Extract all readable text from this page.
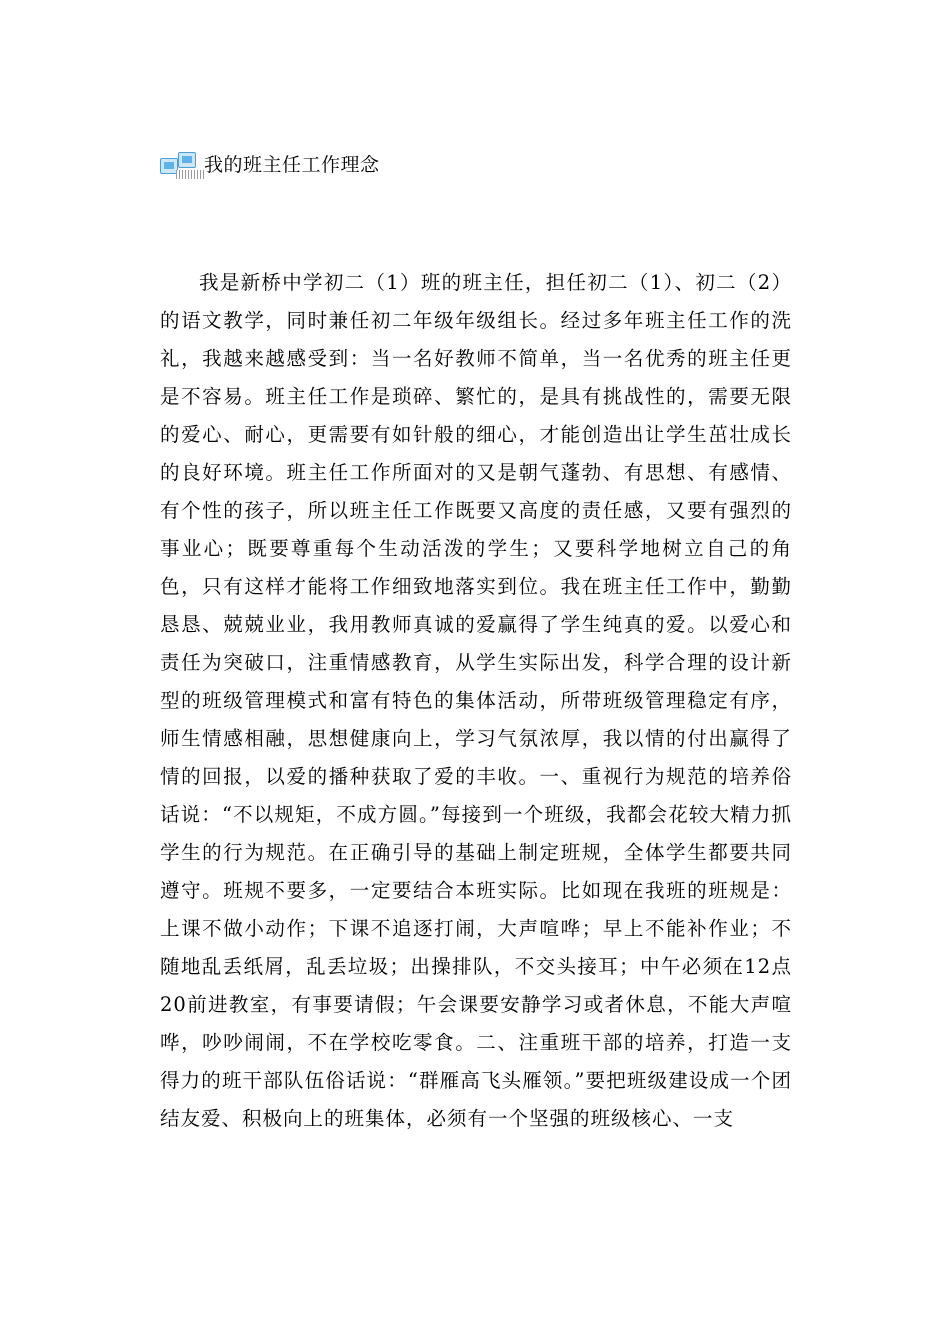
我的班主任工作理念

我是新桥中学初二（1）班的班主任，担任初二（1）、初二（2）的语文教学，同时兼任初二年级年级组长。经过多年班主任工作的洗礼，我越来越感受到：当一名好教师不简单，当一名优秀的班主任更是不容易。班主任工作是琐碎、繁忙的，是具有挑战性的，需要无限的爱心、耐心，更需要有如针般的细心，才能创造出让学生茁壮成长的良好环境。班主任工作所面对的又是朝气蓬勃、有思想、有感情、有个性的孩子，所以班主任工作既要又高度的责任感，又要有强烈的事业心；既要尊重每个生动活泼的学生；又要科学地树立自己的角色，只有这样才能将工作细致地落实到位。我在班主任工作中，勤勤恳恳、兢兢业业，我用教师真诚的爱赢得了学生纯真的爱。以爱心和责任为突破口，注重情感教育，从学生实际出发，科学合理的设计新型的班级管理模式和富有特色的集体活动，所带班级管理稳定有序，师生情感相融，思想健康向上，学习气氛浓厚，我以情的付出赢得了情的回报，以爱的播种获取了爱的丰收。一、重视行为规范的培养俗话说：“不以规矩，不成方圆。”每接到一个班级，我都会花较大精力抓学生的行为规范。在正确引导的基础上制定班规，全体学生都要共同遵守。班规不要多，一定要结合本班实际。比如现在我班的班规是：上课不做小动作；下课不追逐打闹，大声喧哗；早上不能补作业；不随地乱丢纸屑，乱丢垃圾；出操排队，不交头接耳；中午必须在12点20前进教室，有事要请假；午会课要安静学习或者休息，不能大声喧哗，吵吵闹闹，不在学校吃零食。二、注重班干部的培养，打造一支得力的班干部队伍俗话说：“群雁高飞头雁领。”要把班级建设成一个团结友爱、积极向上的班集体，必须有一个坚强的班级核心、一支
